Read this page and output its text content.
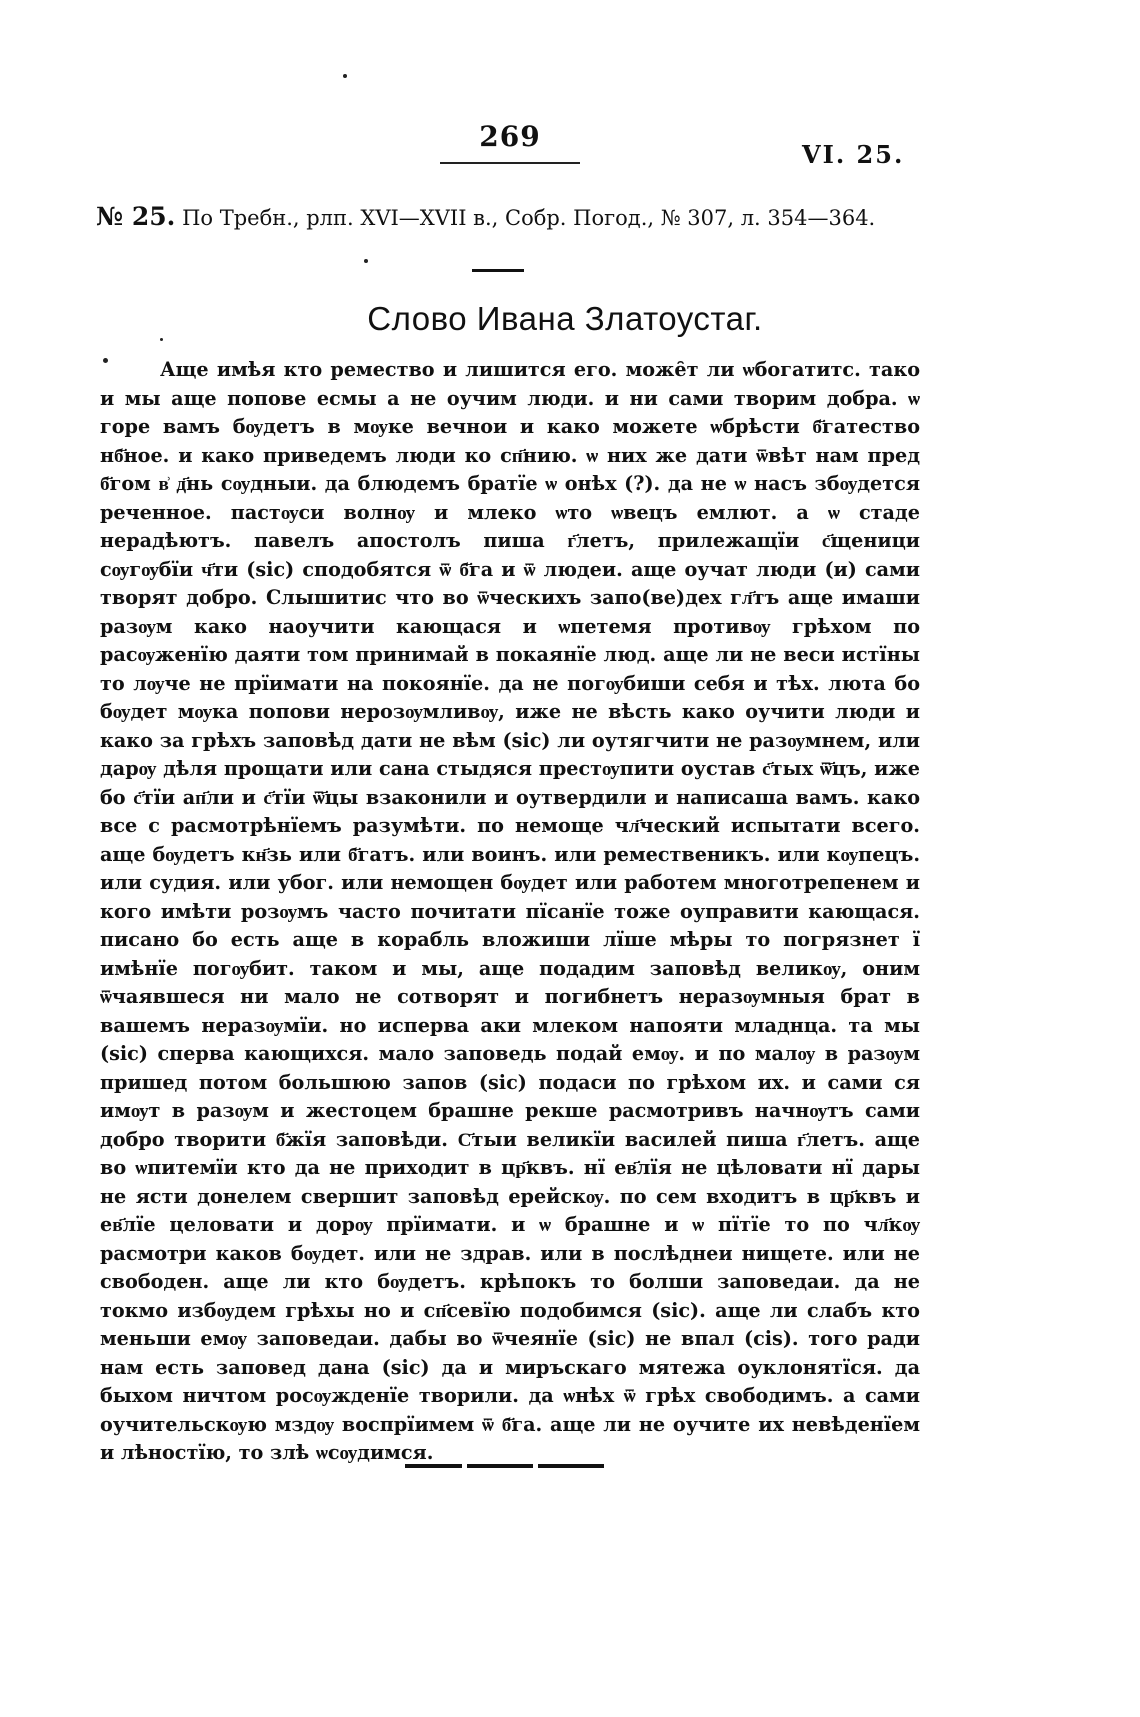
269
VI. 25.
№ 25. По Требн., рлп. XVI—XVII в., Собр. Погод., № 307, л. 354—364.
Слово Ивана Златоустаг.

Аще имѣя кто ремество и лишится его. може̑т ли ѡбогатитс. тако и мы аще попове есмы а не оучим люди. и ни сами творим добра. ѡ горе вамъ бѹдетъ в мѹке вечнои и како можете ѡбрѣсти б҃гатество нб҃ное. и како приведемъ люди ко сп҃нию. ѡ них же дати ѿвѣт нам пред б҃гом в͗ д҃нь сѹдныи. да блюдемъ братїе ѡ онѣх (?). да не ѡ насъ збѹдется реченное. пастѹси волнѹ и млеко ѡто ѡвецъ емлют. а ѡ стаде нерадѣютъ. павелъ апостолъ пиша г҃летъ, прилежащїи с҃щеници сѹгѹбїи ч҃ти (sic) сподобятся ѿ б҃га и ѿ людеи. аще оучат люди (и) сами творят добро. Слышитис что во ѿческихъ запо(ве)дех гл҃тъ аще имаши разѹм како наоучити кающася и ѡпетемя противѹ грѣхом по расѹженїю даяти том принимай в покаянїе люд. аще ли не веси истїны то лѹче не прїимати на покоянїе. да не погѹбиши себя и тѣх. люта бо бѹдет мѹка попови нерозѹмливѹ, иже не вѣсть како оучити люди и како за грѣхъ заповѣд дати не вѣм (sic) ли оутягчити не разѹмнем, или дарѹ дѣля прощати или сана стыдяся престѹпити оустав с҃тых ѿ҃цъ, иже бо с҃тїи ап҃ли и с҃тїи ѿ҃цы взаконили и оутвердили и написаша вамъ. како все с расмотрѣнїемъ разумѣти. по немоще чл҃ческий испытати всего. аще бѹдетъ кн҃зь или б҃гатъ. или воинъ. или ремественикъ. или кѹпецъ. или судия. или убог. или немощен бѹдет или работем многотрепенем и кого имѣти розѹмъ часто почитати пїсанїе тоже оуправити кающася. писано бо есть аще в корабль вложиши лїше мѣры то погрязнет ї имѣнїе погѹбит. таком и мы, аще подадим заповѣд великѹ, оним ѿчаявшеся ни мало не сотворят и погибнетъ неразѹмныя брат в вашемъ неразѹмїи. но исперва аки млеком напояти младнца. та мы (sic) сперва кающихся. мало заповедь подай емѹ. и по малѹ в разѹм пришед потом большюю запов (sic) подаси по грѣхом их. и сами ся имѹт в разѹм и жестоцем брашне рекше расмотривъ начнѹтъ сами добро творити б҃жїя заповѣди. С҃тыи великїи василей пиша г҃летъ. аще во ѡпитемїи кто да не приходит в цр҃квъ. нї ев҃лїя не цѣловати нї дары не ясти донелем свершит заповѣд ерейскѹ. по сем входитъ в цр҃квъ и ев҃лїе целовати и дорѹ прїимати. и ѡ брашне и ѡ пїтїе то по чл҃кѹ расмотри каков бѹдет. или не здрав. или в послѣднеи нищете. или не свободен. аще ли кто бѹдетъ. крѣпокъ то болши заповедаи. да не токмо избѹдем грѣхы но и сп҃севїю подобимся (sic). аще ли слабъ кто меньши емѹ заповедаи. дабы во ѿчеянїе (sic) не впал (cis). того ради нам есть заповед дана (sic) да и миръскаго мятежа оуклонятїся. да быхом ничтом росѹжденїе творили. да ѡнѣх ѿ грѣх свободимъ. а сами оучительскѹю мздѹ воспрїимем ѿ б҃га. аще ли не оучите их невѣденїем и лѣностїю, то злѣ ѡсѹдимся.
